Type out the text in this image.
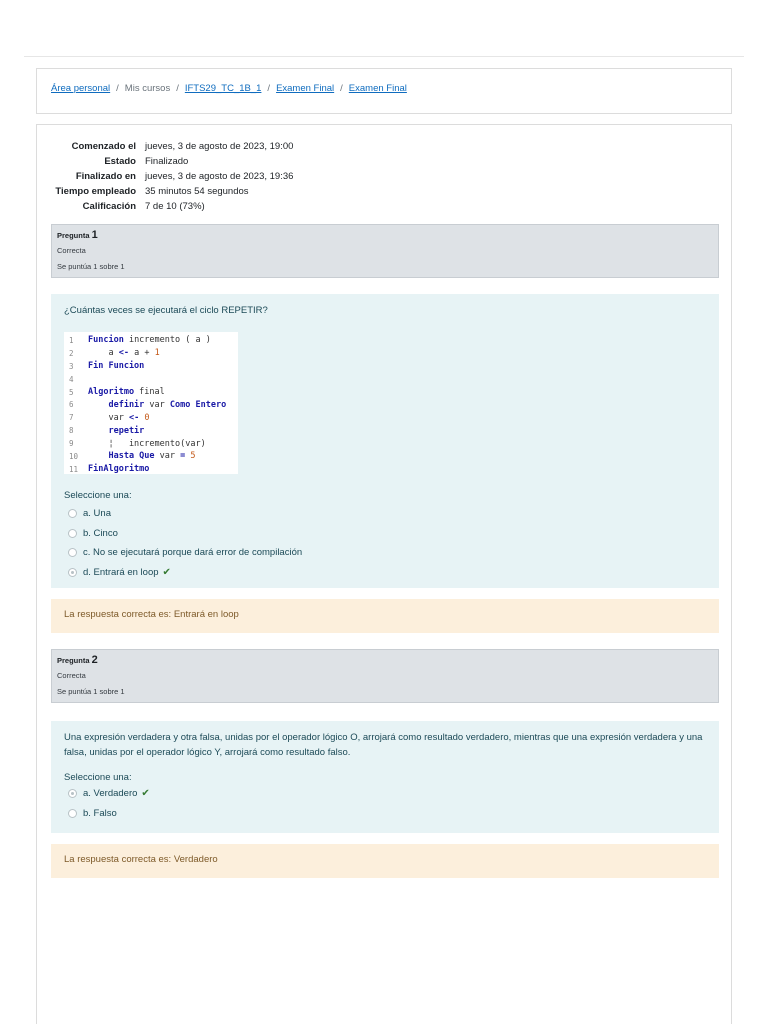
Área personal / Mis cursos / IFTS29_TC_1B_1 / Examen Final / Examen Final
Comenzado el jueves, 3 de agosto de 2023, 19:00
Estado Finalizado
Finalizado en jueves, 3 de agosto de 2023, 19:36
Tiempo empleado 35 minutos 54 segundos
Calificación 7 de 10 (73%)
Pregunta 1
Correcta
Se puntúa 1 sobre 1
¿Cuántas veces se ejecutará el ciclo REPETIR?
1	Funcion incremento ( a )
2	a <- a + 1
3	Fin Funcion
4
5	Algoritmo final
6	definir var Como Entero
7	var <- 0
8	repetir
9	¦   incremento(var)
10	Hasta Que var = 5
11	FinAlgoritmo
Seleccione una:
a. Una
b. Cinco
c. No se ejecutará porque dará error de compilación
d. Entrará en loop ✔
La respuesta correcta es: Entrará en loop
Pregunta 2
Correcta
Se puntúa 1 sobre 1
Una expresión verdadera y otra falsa, unidas por el operador lógico O, arrojará como resultado verdadero, mientras que una expresión verdadera y una falsa, unidas por el operador lógico Y, arrojará como resultado falso.
Seleccione una:
a. Verdadero ✔
b. Falso
La respuesta correcta es: Verdadero
